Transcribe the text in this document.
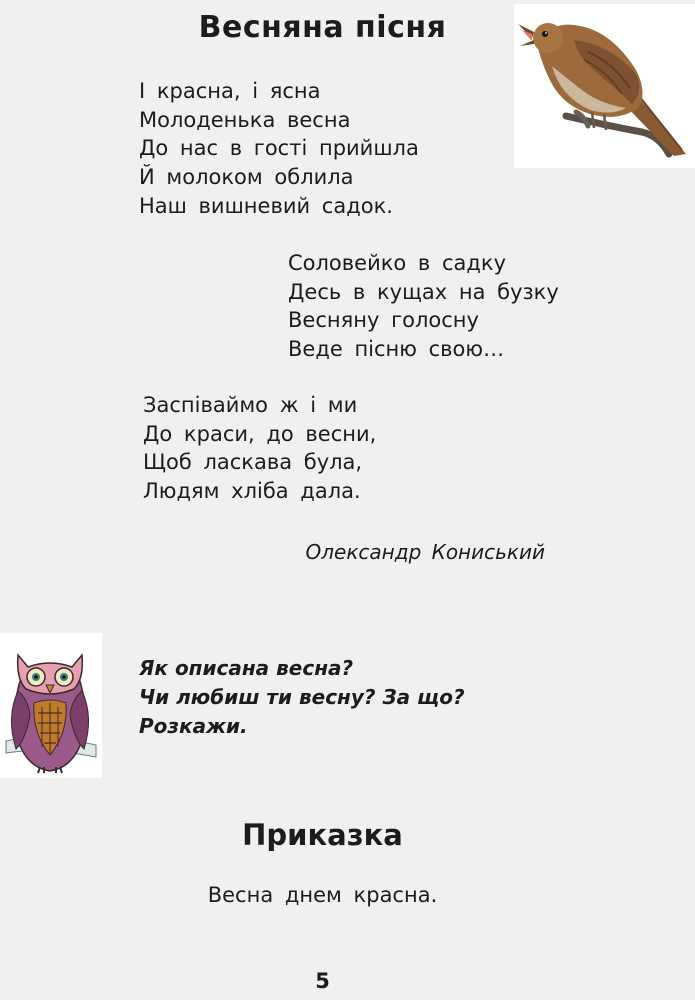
Весняна пісня
І красна, і ясна
Молоденька весна
До нас в гості прийшла
Й молоком облила
Наш вишневий садок.
Соловейко в садку
Десь в кущах на бузку
Весняну голосну
Веде пісню свою…
Заспіваймо ж і ми
До краси, до весни,
Щоб ласкава була,
Людям хліба дала.
Олександр Кониський
Як описана весна?
Чи любиш ти весну? За що?
Розкажи.
Приказка
Весна днем красна.
5
